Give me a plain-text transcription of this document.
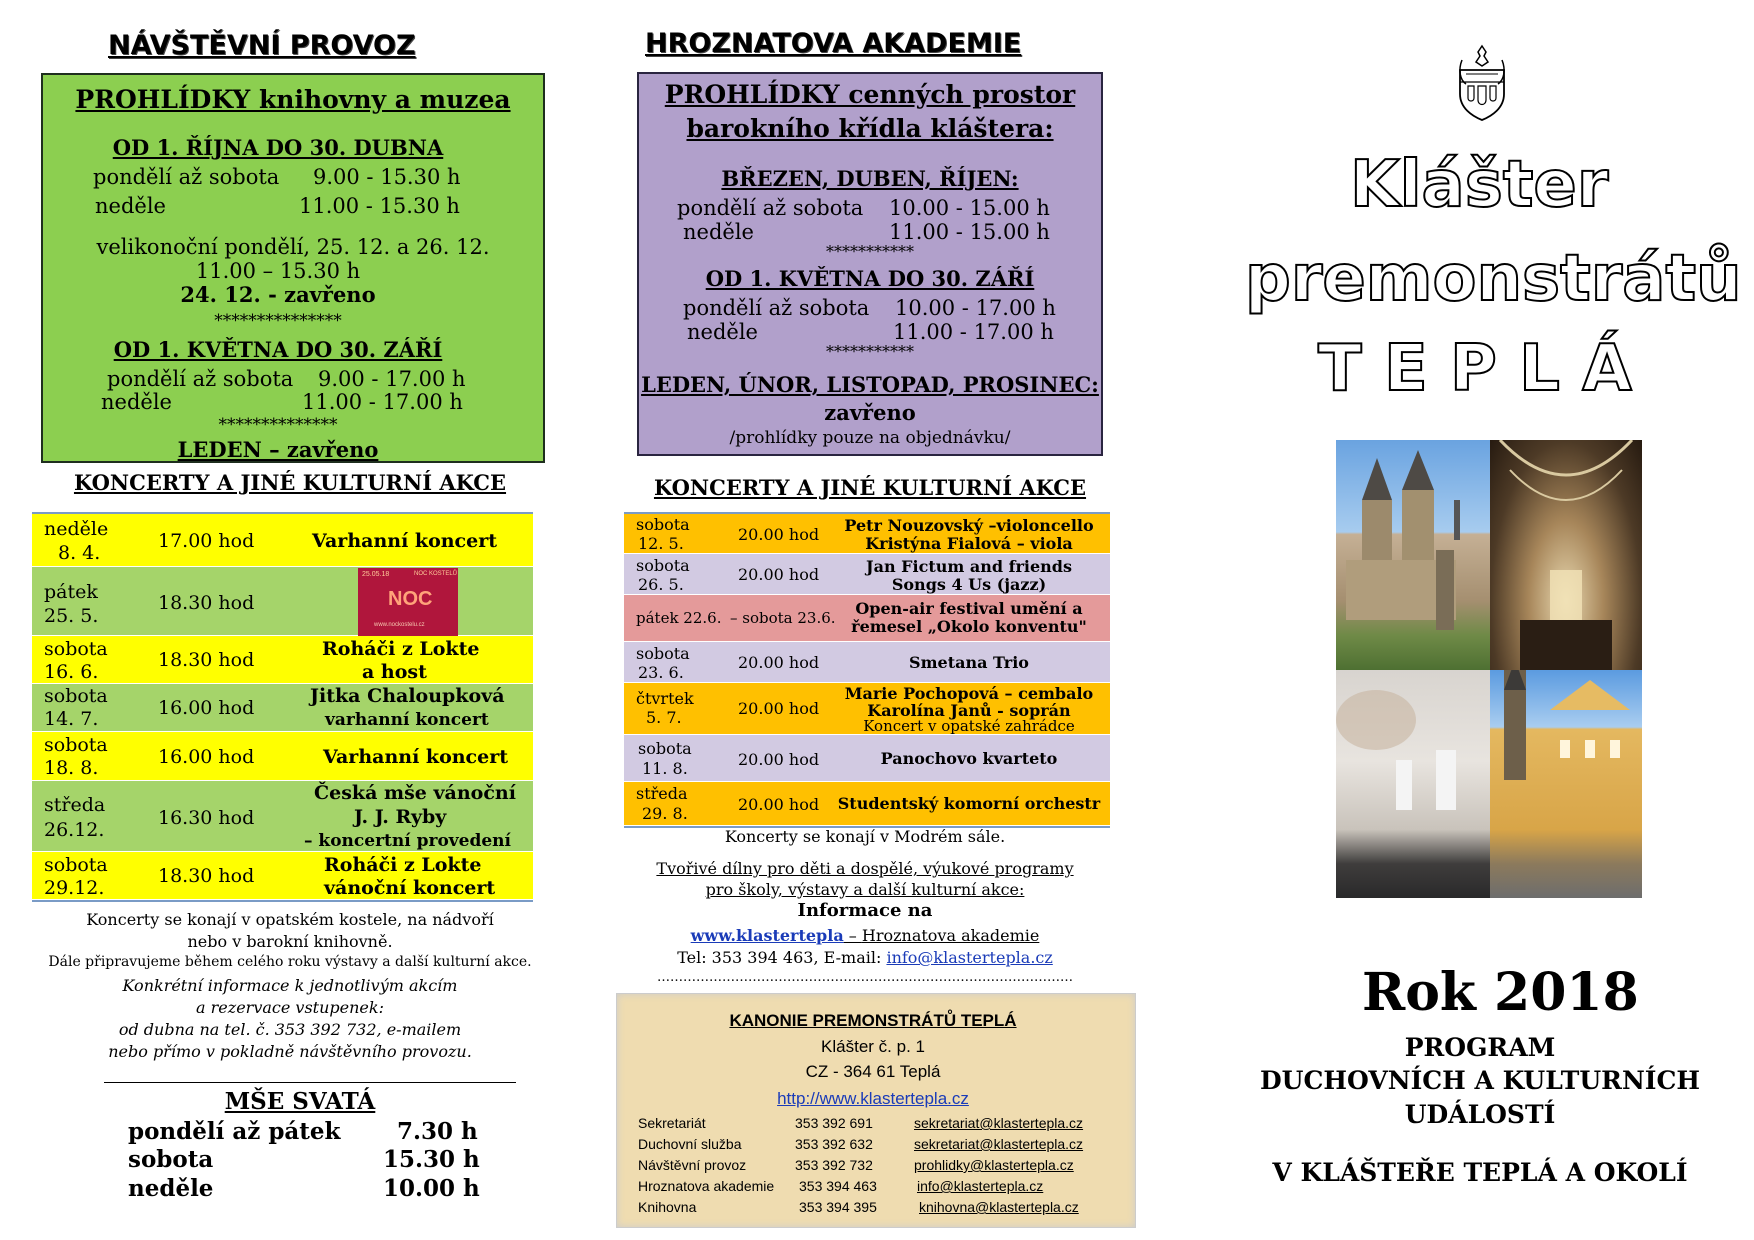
NÁVŠTĚVNÍ PROVOZ
PROHLÍDKY knihovny a muzea
OD 1. ŘÍJNA DO 30. DUBNA
pondělí až sobota 9.00 - 15.30 h
neděle	11.00 - 15.30 h
velikonoční pondělí, 25. 12. a 26. 12.
11.00 – 15.30 h
24. 12. - zavřeno
***************
OD 1. KVĚTNA DO 30. ZÁŘÍ
pondělí až sobota 9.00 - 17.00 h
neděle	11.00 - 17.00 h
**************
LEDEN – zavřeno
KONCERTY A JINÉ KULTURNÍ AKCE
neděle
8. 4.
17.00 hod	Varhanní koncert
pátek
25. 5.
18.30 hod
25.05.18	NOC KOSTELŮ
NOC
www.nockostelu.cz
sobota
16. 6.
18.30 hod	Roháči z Lokte
a host
sobota
14. 7.	16.00 hod
Jitka Chaloupková
varhanní koncert
sobota
18. 8.	16.00 hod	Varhanní koncert
středa
26.12.
16.30 hod
Česká mše vánoční
J. J. Ryby
– koncertní provedení
sobota
29.12.
18.30 hod	Roháči z Lokte
vánoční koncert
Koncerty se konají v opatském kostele, na nádvoří
nebo v barokní knihovně.
Dále připravujeme během celého roku výstavy a další kulturní akce.
Konkrétní informace k jednotlivým akcím
a rezervace vstupenek:
od dubna na tel. č. 353 392 732, e-mailem
nebo přímo v pokladně návštěvního provozu.
MŠE SVATÁ
pondělí až pátek 7.30 h
sobota	15.30 h
neděle	10.00 h
HROZNATOVA AKADEMIE
PROHLÍDKY cenných prostor
barokního křídla kláštera:
BŘEZEN, DUBEN, ŘÍJEN:
pondělí až sobota 10.00 - 15.00 h
neděle	11.00 - 15.00 h
***********
OD 1. KVĚTNA DO 30. ZÁŘÍ
pondělí až sobota 10.00 - 17.00 h
neděle	11.00 - 17.00 h
***********
LEDEN, ÚNOR, LISTOPAD, PROSINEC:
zavřeno
/prohlídky pouze na objednávku/
KONCERTY A JINÉ KULTURNÍ AKCE
sobota
12. 5.	20.00 hod	Petr Nouzovský –violoncello
Kristýna Fialová – viola
sobota
26. 5.
20.00 hod	Jan Fictum and friends
Songs 4 Us (jazz)
pátek 22.6. – sobota 23.6.	Open-air festival umění a
řemesel „Okolo konventu"
sobota
23. 6.
20.00 hod	Smetana Trio
čtvrtek
5. 7.	20.00 hod
Marie Pochopová – cembalo
Karolína Janů - soprán
Koncert v opatské zahrádce
sobota
11. 8.	20.00 hod	Panochovo kvarteto
středa
29. 8.	20.00 hod Studentský komorní orchestr
Koncerty se konají v Modrém sále.
Tvořivé dílny pro děti a dospělé, výukové programy
pro školy, výstavy a další kulturní akce:
Informace na
www.klastertepla – Hroznatova akademie
Tel: 353 394 463, E-mail: info@klastertepla.cz
……………………………………………………………………………………
KANONIE PREMONSTRÁTŮ TEPLÁ
Klášter č. p. 1
CZ - 364 61 Teplá
http://www.klastertepla.cz
Sekretariát	353 392 691	sekretariat@klastertepla.cz
Duchovní služba	353 392 632	sekretariat@klastertepla.cz
Návštěvní provoz	353 392 732	prohlidky@klastertepla.cz
Hroznatova akademie 353 394 463	info@klastertepla.cz
Knihovna	353 394 395	knihovna@klastertepla.cz
Klášter
premonstrátů
T E P L Á
Rok 2018
PROGRAM
DUCHOVNÍCH A KULTURNÍCH
UDÁLOSTÍ
V KLÁŠTEŘE TEPLÁ A OKOLÍ
